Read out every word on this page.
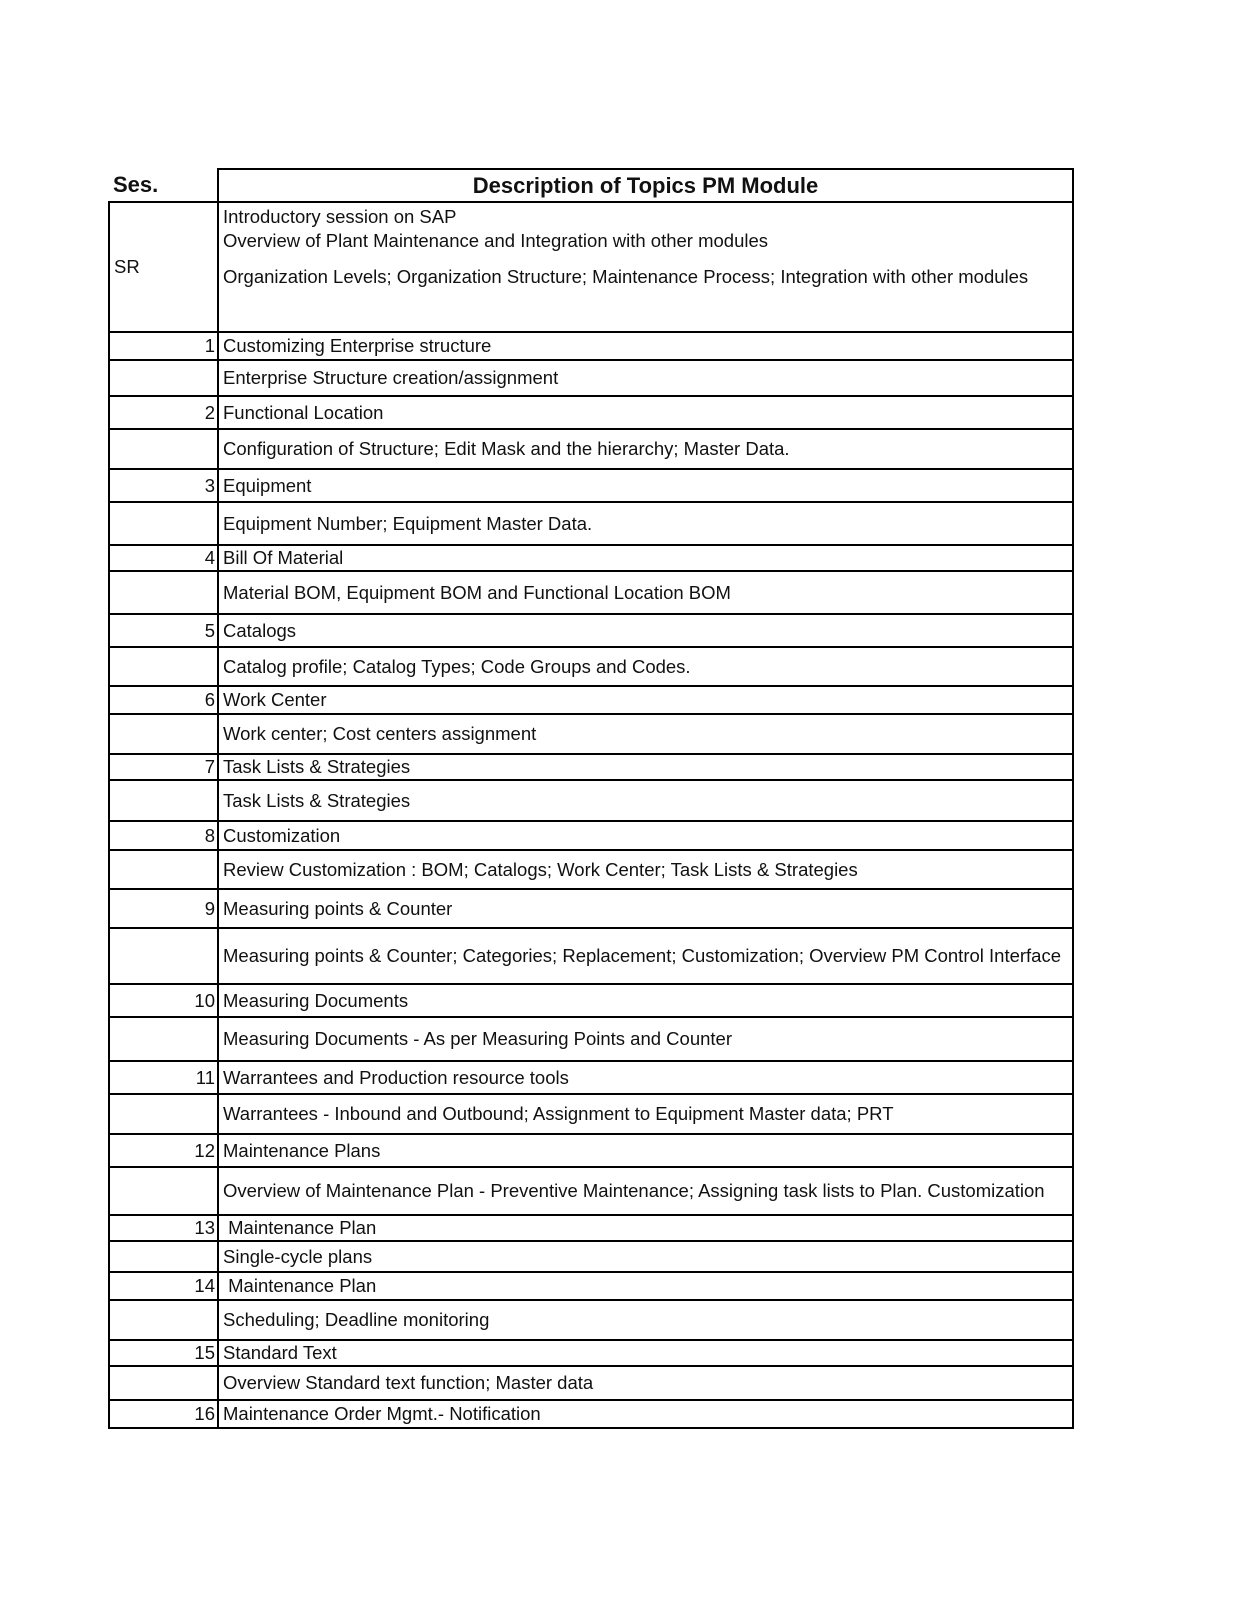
Ses.	Description of Topics PM Module
SR	Introductory session on SAP
Overview of Plant Maintenance and Integration with other modules
Organization Levels; Organization Structure; Maintenance Process; Integration with other modules

1	Customizing Enterprise structure
	Enterprise Structure creation/assignment
2	Functional Location
	Configuration of Structure; Edit Mask and the hierarchy; Master Data.
3	Equipment
	Equipment Number; Equipment Master Data.
4	Bill Of Material
	Material BOM, Equipment BOM and Functional Location BOM
5	Catalogs
	Catalog profile; Catalog Types; Code Groups and Codes.
6	Work Center
	Work center; Cost centers assignment
7	Task Lists & Strategies
	Task Lists & Strategies
8	Customization
	Review Customization : BOM; Catalogs; Work Center; Task Lists & Strategies
9	Measuring points & Counter
	Measuring points & Counter; Categories; Replacement; Customization; Overview PM Control Interface
10	Measuring Documents
	Measuring Documents - As per Measuring Points and Counter
11	Warrantees and Production resource tools
	Warrantees - Inbound and Outbound; Assignment to Equipment Master data; PRT
12	Maintenance Plans
	Overview of Maintenance Plan - Preventive Maintenance; Assigning task lists to Plan. Customization
13	Maintenance Plan
	Single-cycle plans
14	Maintenance Plan
	Scheduling; Deadline monitoring
15	Standard Text
	Overview Standard text function; Master data
16	Maintenance Order Mgmt.- Notification
